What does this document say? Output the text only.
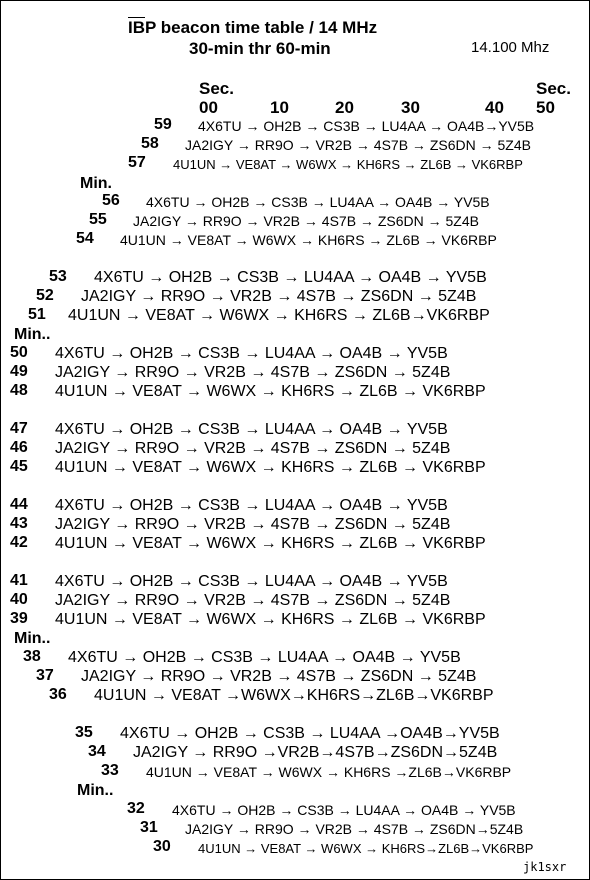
$\overline{IB}P$ beacon time table / 14 MHz
30-min thr 60-min	14.100 Mhz
Sec.	Sec.
00	10	20	30	40 50
Min.
Min..
Min..
Min..
59 4X6TU → OH2B → CS3B → LU4AA → OA4B→YV5B
58 JA2IGY → RR9O → VR2B → 4S7B → ZS6DN → 5Z4B
57 4U1UN → VE8AT → W6WX → KH6RS → ZL6B → VK6RBP
56 4X6TU → OH2B → CS3B → LU4AA → OA4B → YV5B
55 JA2IGY → RR9O → VR2B → 4S7B → ZS6DN → 5Z4B
54 4U1UN → VE8AT → W6WX → KH6RS → ZL6B → VK6RBP
53 4X6TU → OH2B → CS3B → LU4AA → OA4B → YV5B
52 JA2IGY → RR9O → VR2B → 4S7B → ZS6DN → 5Z4B
51 4U1UN → VE8AT → W6WX → KH6RS → ZL6B→VK6RBP
50 4X6TU → OH2B → CS3B → LU4AA → OA4B → YV5B
49 JA2IGY → RR9O → VR2B → 4S7B → ZS6DN → 5Z4B
48 4U1UN → VE8AT → W6WX → KH6RS → ZL6B → VK6RBP
47 4X6TU → OH2B → CS3B → LU4AA → OA4B → YV5B
46 JA2IGY → RR9O → VR2B → 4S7B → ZS6DN → 5Z4B
45 4U1UN → VE8AT → W6WX → KH6RS → ZL6B → VK6RBP
44 4X6TU → OH2B → CS3B → LU4AA → OA4B → YV5B
43 JA2IGY → RR9O → VR2B → 4S7B → ZS6DN → 5Z4B
42 4U1UN → VE8AT → W6WX → KH6RS → ZL6B → VK6RBP
41 4X6TU → OH2B → CS3B → LU4AA → OA4B → YV5B
40 JA2IGY → RR9O → VR2B → 4S7B → ZS6DN → 5Z4B
39 4U1UN → VE8AT → W6WX → KH6RS → ZL6B → VK6RBP
38 4X6TU → OH2B → CS3B → LU4AA → OA4B → YV5B
37 JA2IGY → RR9O → VR2B → 4S7B → ZS6DN → 5Z4B
36 4U1UN → VE8AT →W6WX→KH6RS→ZL6B→VK6RBP
35 4X6TU → OH2B → CS3B → LU4AA →OA4B→YV5B
34 JA2IGY → RR9O →VR2B→4S7B→ZS6DN→5Z4B
33 4U1UN → VE8AT → W6WX → KH6RS →ZL6B→VK6RBP
32 4X6TU → OH2B → CS3B → LU4AA → OA4B → YV5B
31 JA2IGY → RR9O → VR2B → 4S7B → ZS6DN→5Z4B
30 4U1UN → VE8AT → W6WX → KH6RS→ZL6B→VK6RBP
jk1sxr
